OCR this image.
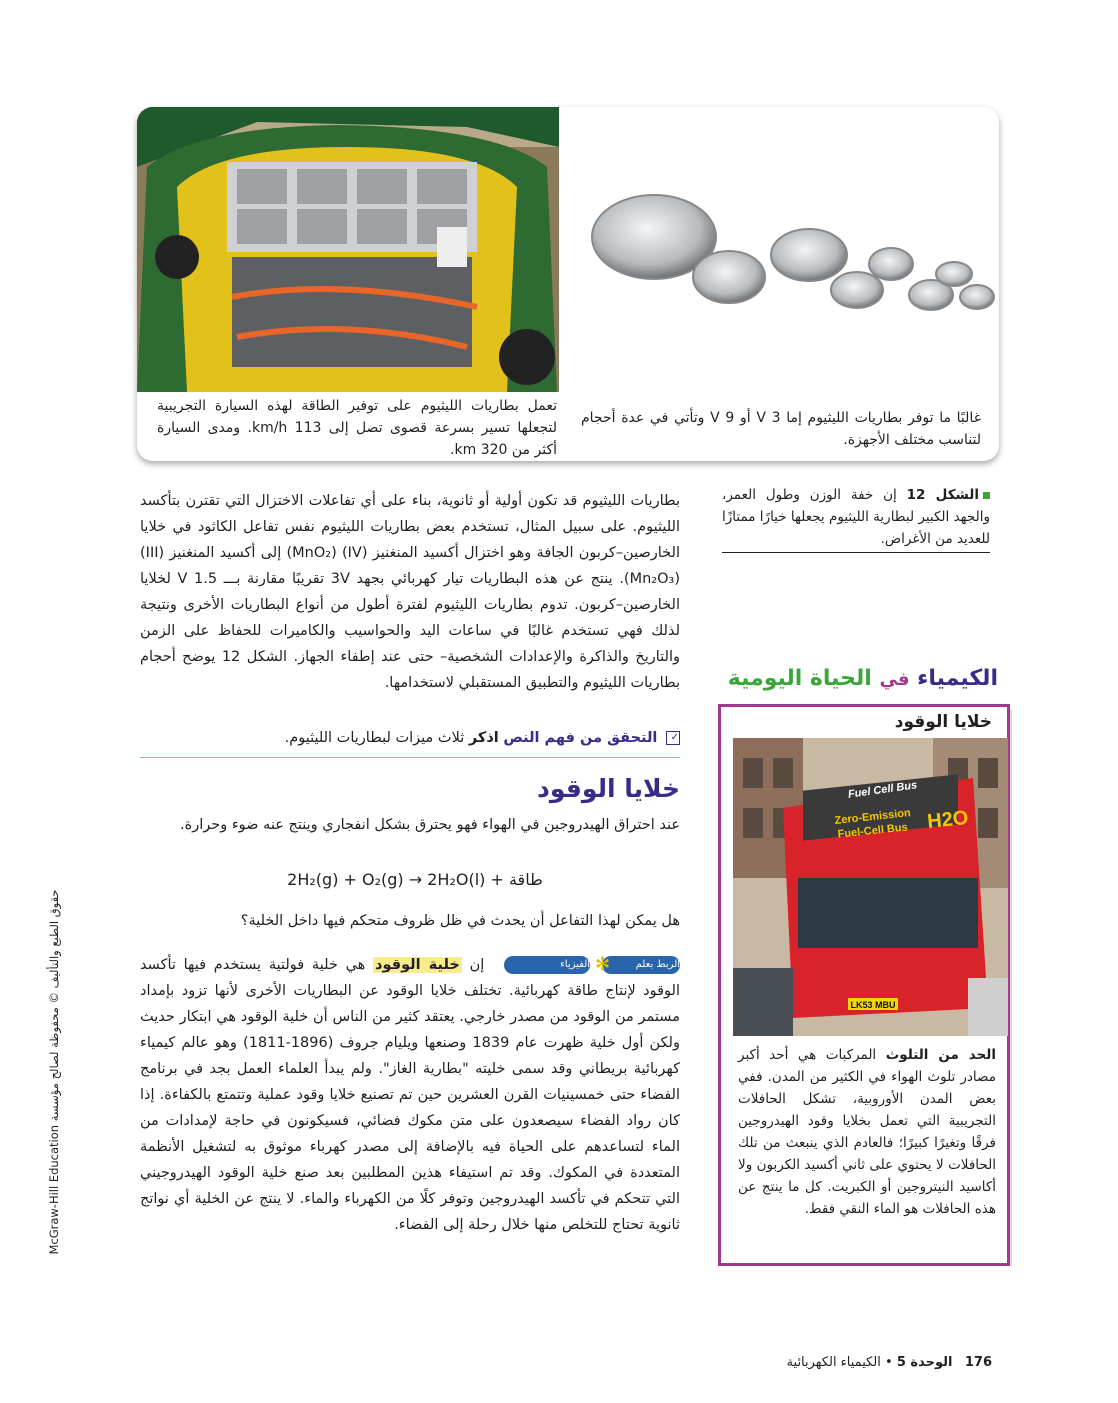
تعمل بطاريات الليثيوم على توفير الطاقة لهذه السيارة التجريبية لتجعلها تسير بسرعة قصوى تصل إلى 113 km/h. ومدى السيارة أكثر من 320 km.
غالبًا ما توفر بطاريات الليثيوم إما 3 V أو 9 V وتأتي في عدة أحجام لتناسب مختلف الأجهزة.
الشكل 12 إن خفة الوزن وطول العمر، والجهد الكبير لبطارية الليثيوم يجعلها خيارًا ممتازًا للعديد من الأغراض.
بطاريات الليثيوم قد تكون أولية أو ثانوية، بناء على أي تفاعلات الاختزال التي تقترن بتأكسد الليثيوم. على سبيل المثال، تستخدم بعض بطاريات الليثيوم نفس تفاعل الكاثود في خلايا الخارصين–كربون الجافة وهو اختزال أكسيد المنغنيز (IV) (MnO₂) إلى أكسيد المنغنيز (III) (Mn₂O₃). ينتج عن هذه البطاريات تيار كهربائي بجهد 3V تقريبًا مقارنة بـــ 1.5 V لخلايا الخارصين–كربون. تدوم بطاريات الليثيوم لفترة أطول من أنواع البطاريات الأخرى ونتيجة لذلك فهي تستخدم غالبًا في ساعات اليد والحواسيب والكاميرات للحفاظ على الزمن والتاريخ والذاكرة والإعدادات الشخصية– حتى عند إطفاء الجهاز. الشكل 12 يوضح أحجام بطاريات الليثيوم والتطبيق المستقبلي لاستخدامها.
✓ التحقق من فهم النص اذكر ثلاث ميزات لبطاريات الليثيوم.
خلايا الوقود
عند احتراق الهيدروجين في الهواء فهو يحترق بشكل انفجاري وينتج عنه ضوء وحرارة.
2H₂(g) + O₂(g) → 2H₂O(l) + طاقة
هل يمكن لهذا التفاعل أن يحدث في ظل ظروف متحكم فيها داخل الخلية؟
الربط بعلم
✻
الفيزياء
إن خلية الوقود هي خلية فولتية يستخدم فيها تأكسد الوقود لإنتاج طاقة كهربائية. تختلف خلايا الوقود عن البطاريات الأخرى لأنها تزود بإمداد مستمر من الوقود من مصدر خارجي. يعتقد كثير من الناس أن خلية الوقود هي ابتكار حديث ولكن أول خلية ظهرت عام 1839 وصنعها ويليام جروف (1896-1811) وهو عالم كيمياء كهربائية بريطاني وقد سمى خليته "بطارية الغاز". ولم يبدأ العلماء العمل بجد في برنامج الفضاء حتى خمسينيات القرن العشرين حين تم تصنيع خلايا وقود عملية وتتمتع بالكفاءة. إذا كان رواد الفضاء سيصعدون على متن مكوك فضائي، فسيكونون في حاجة لإمدادات من الماء لتساعدهم على الحياة فيه بالإضافة إلى مصدر كهرباء موثوق به لتشغيل الأنظمة المتعددة في المكوك. وقد تم استيفاء هذين المطلبين بعد صنع خلية الوقود الهيدروجيني التي تتحكم في تأكسد الهيدروجين وتوفر كلًا من الكهرباء والماء. لا ينتج عن الخلية أي نواتج ثانوية تحتاج للتخلص منها خلال رحلة إلى الفضاء.
الكيمياء في الحياة اليومية
خلايا الوقود
Zero-Emission
Fuel-Cell Bus H2O
Fuel Cell Bus
LK53 MBU
الحد من التلوث المركبات هي أحد أكبر مصادر تلوث الهواء في الكثير من المدن. ففي بعض المدن الأوروبية، تشكل الحافلات التجريبية التي تعمل بخلايا وقود الهيدروجين فرقًا وتغيرًا كبيرًا؛ فالعادم الذي ينبعث من تلك الحافلات لا يحتوي على ثاني أكسيد الكربون ولا أكاسيد النيتروجين أو الكبريت. كل ما ينتج عن هذه الحافلات هو الماء النقي فقط.
حقوق الطبع والتأليف © محفوظة لصالح مؤسسة McGraw-Hill Education
176   الوحدة 5 • الكيمياء الكهربائية
